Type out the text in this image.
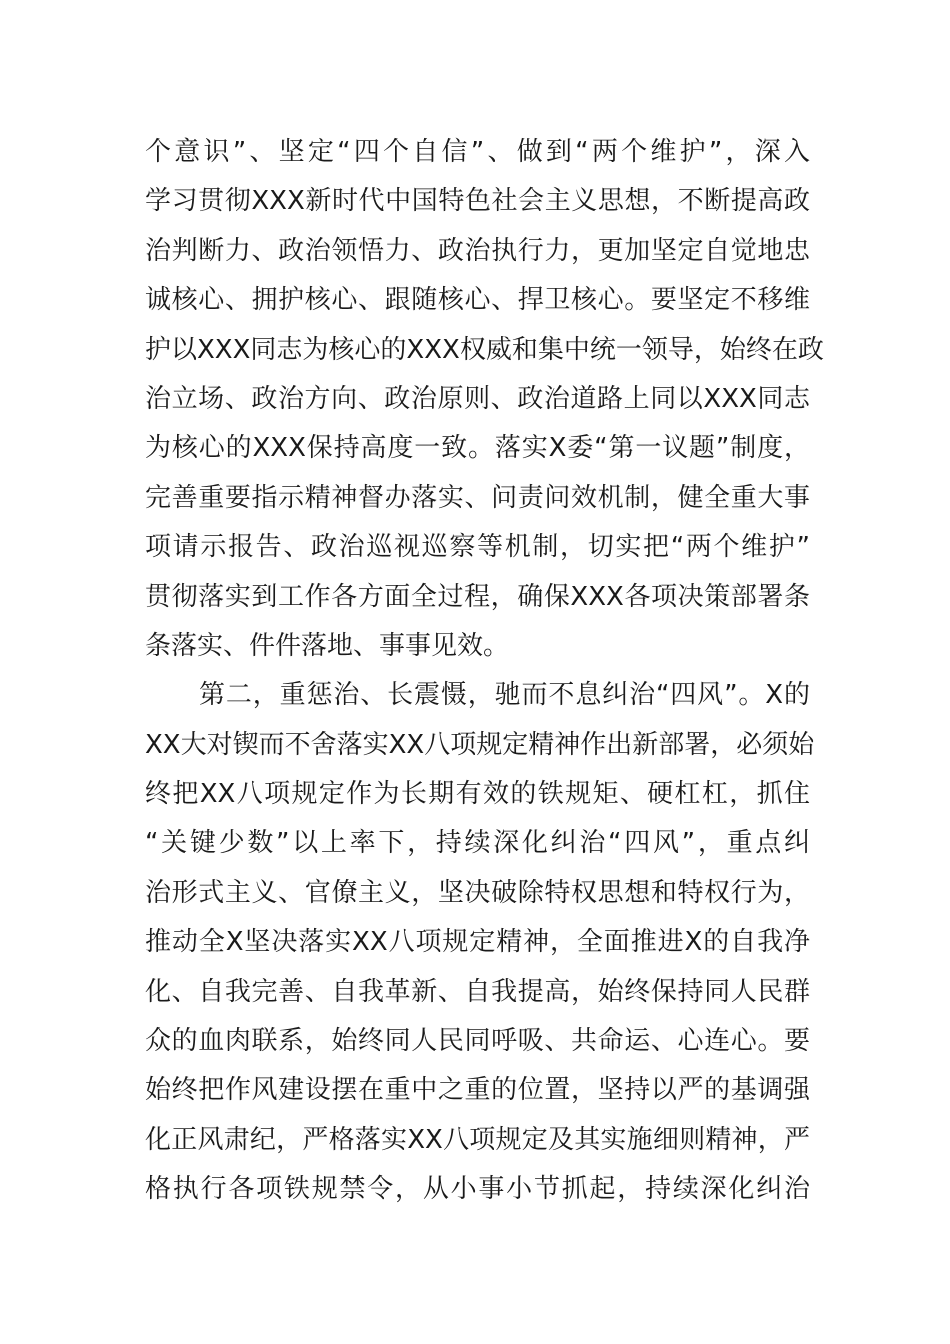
个意识”、坚定“四个自信”、做到“两个维护”，深入
学习贯彻XXX新时代中国特色社会主义思想，不断提高政
治判断力、政治领悟力、政治执行力，更加坚定自觉地忠
诚核心、拥护核心、跟随核心、捍卫核心。要坚定不移维
护以XXX同志为核心的XXX权威和集中统一领导，始终在政
治立场、政治方向、政治原则、政治道路上同以XXX同志
为核心的XXX保持高度一致。落实X委“第一议题”制度，
完善重要指示精神督办落实、问责问效机制，健全重大事
项请示报告、政治巡视巡察等机制，切实把“两个维护”
贯彻落实到工作各方面全过程，确保XXX各项决策部署条
条落实、件件落地、事事见效。
第二，重惩治、长震慑，驰而不息纠治“四风”。X的
XX大对锲而不舍落实XX八项规定精神作出新部署，必须始
终把XX八项规定作为长期有效的铁规矩、硬杠杠，抓住
“关键少数”以上率下，持续深化纠治“四风”，重点纠
治形式主义、官僚主义，坚决破除特权思想和特权行为，
推动全X坚决落实XX八项规定精神，全面推进X的自我净
化、自我完善、自我革新、自我提高，始终保持同人民群
众的血肉联系，始终同人民同呼吸、共命运、心连心。要
始终把作风建设摆在重中之重的位置，坚持以严的基调强
化正风肃纪，严格落实XX八项规定及其实施细则精神，严
格执行各项铁规禁令，从小事小节抓起，持续深化纠治
